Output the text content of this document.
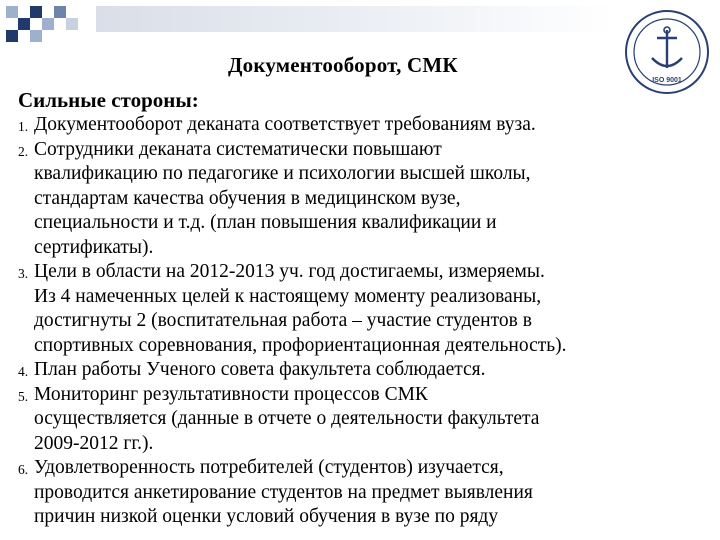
ISO 9001
Документооборот, СМК
Сильные стороны:
1. Документооборот деканата соответствует требованиям вуза.
2. Сотрудники деканата систематически повышают
квалификацию по педагогике и психологии высшей школы,
стандартам качества обучения в медицинском вузе,
специальности и т.д. (план повышения квалификации и
сертификаты).
3. Цели в области на 2012-2013 уч. год достигаемы, измеряемы.
Из 4 намеченных целей к настоящему моменту реализованы,
достигнуты 2 (воспитательная работа – участие студентов в
спортивных соревнования, профориентационная деятельность).
4. План работы Ученого совета факультета соблюдается.
5. Мониторинг результативности процессов СМК
осуществляется (данные в отчете о деятельности факультета
2009-2012 гг.).
6. Удовлетворенность потребителей (студентов) изучается,
проводится анкетирование студентов на предмет выявления
причин низкой оценки условий обучения в вузе по ряду
